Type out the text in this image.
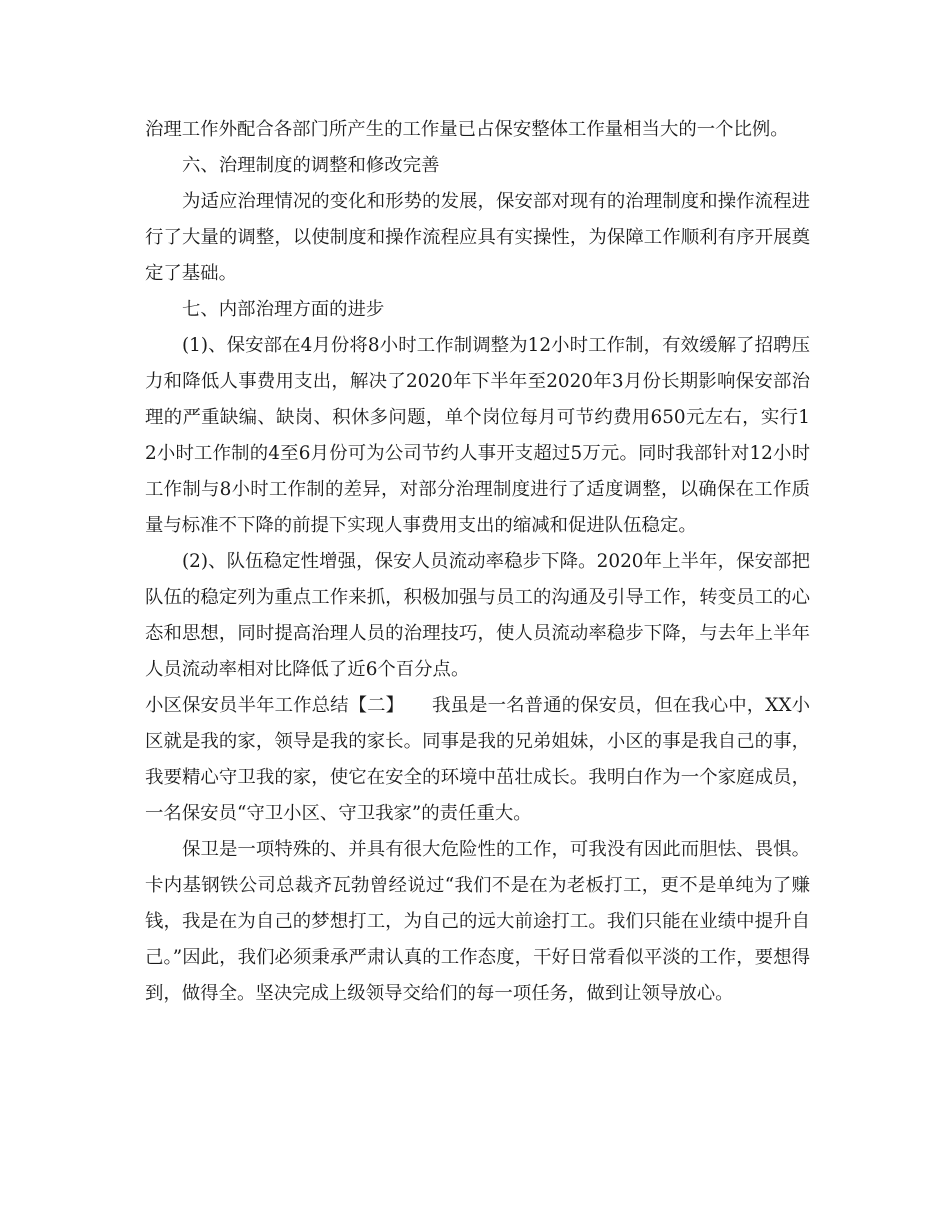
治理工作外配合各部门所产生的工作量已占保安整体工作量相当大的一个比例。

六、治理制度的调整和修改完善

为适应治理情况的变化和形势的发展，保安部对现有的治理制度和操作流程进行了大量的调整，以使制度和操作流程应具有实操性，为保障工作顺利有序开展奠定了基础。

七、内部治理方面的进步

(1)、保安部在4月份将8小时工作制调整为12小时工作制，有效缓解了招聘压力和降低人事费用支出，解决了2020年下半年至2020年3月份长期影响保安部治理的严重缺编、缺岗、积休多问题，单个岗位每月可节约费用650元左右，实行12小时工作制的4至6月份可为公司节约人事开支超过5万元。同时我部针对12小时工作制与8小时工作制的差异，对部分治理制度进行了适度调整，以确保在工作质量与标准不下降的前提下实现人事费用支出的缩减和促进队伍稳定。

(2)、队伍稳定性增强，保安人员流动率稳步下降。2020年上半年，保安部把队伍的稳定列为重点工作来抓，积极加强与员工的沟通及引导工作，转变员工的心态和思想，同时提高治理人员的治理技巧，使人员流动率稳步下降，与去年上半年人员流动率相对比降低了近6个百分点。

小区保安员半年工作总结【二】　　我虽是一名普通的保安员，但在我心中，XX小区就是我的家，领导是我的家长。同事是我的兄弟姐妹，小区的事是我自己的事，我要精心守卫我的家，使它在安全的环境中茁壮成长。我明白作为一个家庭成员，一名保安员“守卫小区、守卫我家”的责任重大。

保卫是一项特殊的、并具有很大危险性的工作，可我没有因此而胆怯、畏惧。卡内基钢铁公司总裁齐瓦勃曾经说过“我们不是在为老板打工，更不是单纯为了赚钱，我是在为自己的梦想打工，为自己的远大前途打工。我们只能在业绩中提升自己。”因此，我们必须秉承严肃认真的工作态度，干好日常看似平淡的工作，要想得到，做得全。坚决完成上级领导交给们的每一项任务，做到让领导放心。
